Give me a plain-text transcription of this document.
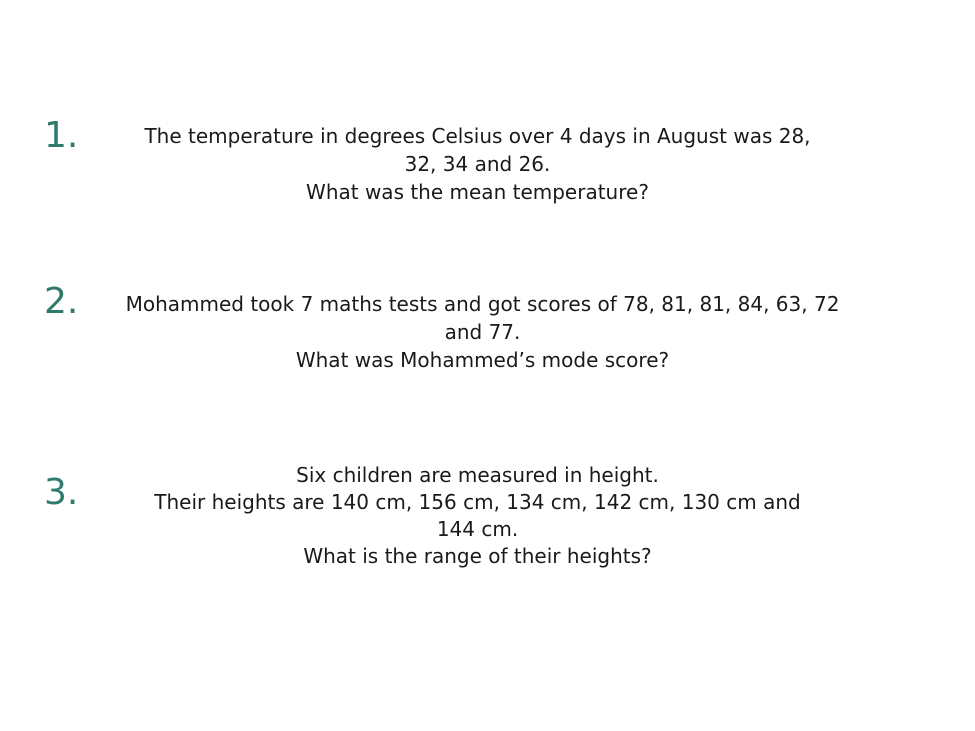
1.	The temperature in degrees Celsius over 4 days in August was 28,
32, 34 and 26.
What was the mean temperature?
2.	Mohammed took 7 maths tests and got scores of 78, 81, 81, 84, 63, 72
and 77.
What was Mohammed’s mode score?
3.	Six children are measured in height.
Their heights are 140 cm, 156 cm, 134 cm, 142 cm, 130 cm and
144 cm.
What is the range of their heights?
